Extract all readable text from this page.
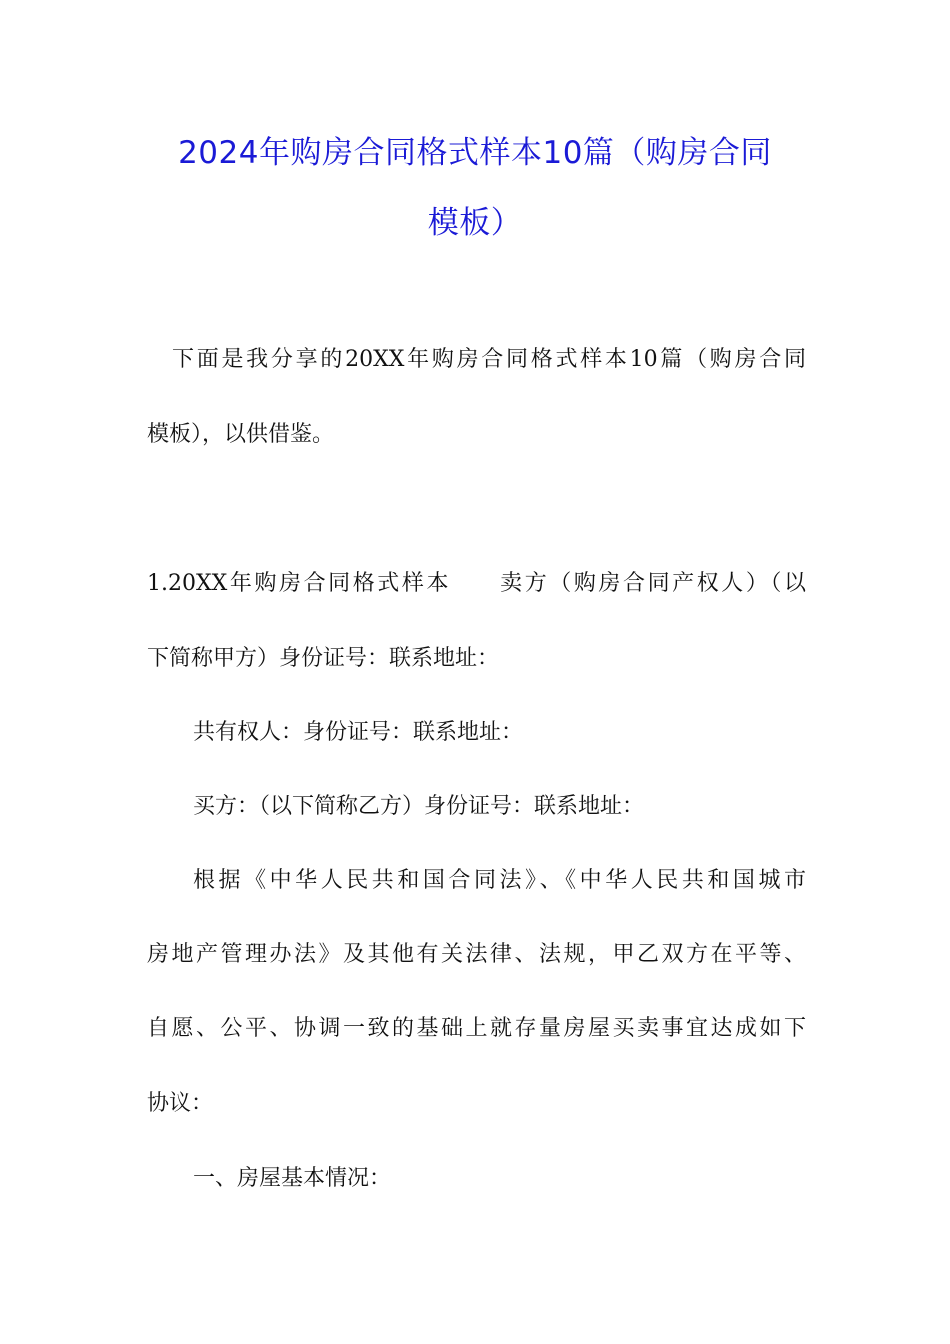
2024年购房合同格式样本10篇（购房合同
模板）
下面是我分享的20XX年购房合同格式样本10篇（购房合同
模板），以供借鉴。
1.20XX年购房合同格式样本　　卖方（购房合同产权人）（以
下简称甲方）身份证号：联系地址：
共有权人：身份证号：联系地址：
买方：（以下简称乙方）身份证号：联系地址：
根据《中华人民共和国合同法》、《中华人民共和国城市
房地产管理办法》及其他有关法律、法规，甲乙双方在平等、
自愿、公平、协调一致的基础上就存量房屋买卖事宜达成如下
协议：
一、房屋基本情况：
